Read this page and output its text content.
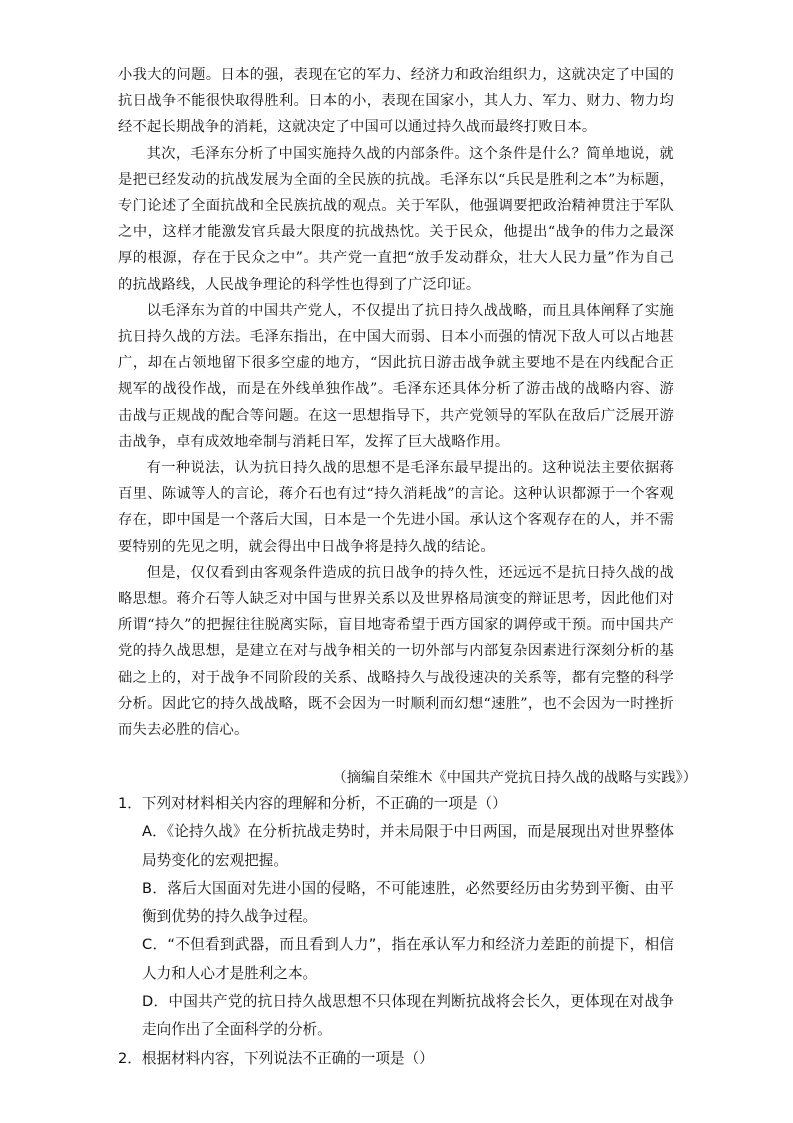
小我大的问题。日本的强，表现在它的军力、经济力和政治组织力，这就决定了中国的抗日战争不能很快取得胜利。日本的小，表现在国家小，其人力、军力、财力、物力均经不起长期战争的消耗，这就决定了中国可以通过持久战而最终打败日本。

其次，毛泽东分析了中国实施持久战的内部条件。这个条件是什么？简单地说，就是把已经发动的抗战发展为全面的全民族的抗战。毛泽东以“兵民是胜利之本”为标题，专门论述了全面抗战和全民族抗战的观点。关于军队，他强调要把政治精神贯注于军队之中，这样才能激发官兵最大限度的抗战热忱。关于民众，他提出“战争的伟力之最深厚的根源，存在于民众之中”。共产党一直把“放手发动群众，壮大人民力量”作为自己的抗战路线，人民战争理论的科学性也得到了广泛印证。

以毛泽东为首的中国共产党人，不仅提出了抗日持久战战略，而且具体阐释了实施抗日持久战的方法。毛泽东指出，在中国大而弱、日本小而强的情况下敌人可以占地甚广，却在占领地留下很多空虚的地方，“因此抗日游击战争就主要地不是在内线配合正规军的战役作战，而是在外线单独作战”。毛泽东还具体分析了游击战的战略内容、游击战与正规战的配合等问题。在这一思想指导下，共产党领导的军队在敌后广泛展开游击战争，卓有成效地牵制与消耗日军，发挥了巨大战略作用。

有一种说法，认为抗日持久战的思想不是毛泽东最早提出的。这种说法主要依据蒋百里、陈诚等人的言论，蒋介石也有过“持久消耗战”的言论。这种认识都源于一个客观存在，即中国是一个落后大国，日本是一个先进小国。承认这个客观存在的人，并不需要特别的先见之明，就会得出中日战争将是持久战的结论。

但是，仅仅看到由客观条件造成的抗日战争的持久性，还远远不是抗日持久战的战略思想。蒋介石等人缺乏对中国与世界关系以及世界格局演变的辩证思考，因此他们对所谓“持久”的把握往往脱离实际，盲目地寄希望于西方国家的调停或干预。而中国共产党的持久战思想，是建立在对与战争相关的一切外部与内部复杂因素进行深刻分析的基础之上的，对于战争不同阶段的关系、战略持久与战役速决的关系等，都有完整的科学分析。因此它的持久战战略，既不会因为一时顺利而幻想“速胜”，也不会因为一时挫折而失去必胜的信心。

（摘编自荣维木《中国共产党抗日持久战的战略与实践》）

1．下列对材料相关内容的理解和分析，不正确的一项是（）

A．《论持久战》在分析抗战走势时，并未局限于中日两国，而是展现出对世界整体局势变化的宏观把握。

B．落后大国面对先进小国的侵略，不可能速胜，必然要经历由劣势到平衡、由平衡到优势的持久战争过程。

C．“不但看到武器，而且看到人力”，指在承认军力和经济力差距的前提下，相信人力和人心才是胜利之本。

D．中国共产党的抗日持久战思想不只体现在判断抗战将会长久，更体现在对战争走向作出了全面科学的分析。

2．根据材料内容，下列说法不正确的一项是（）
